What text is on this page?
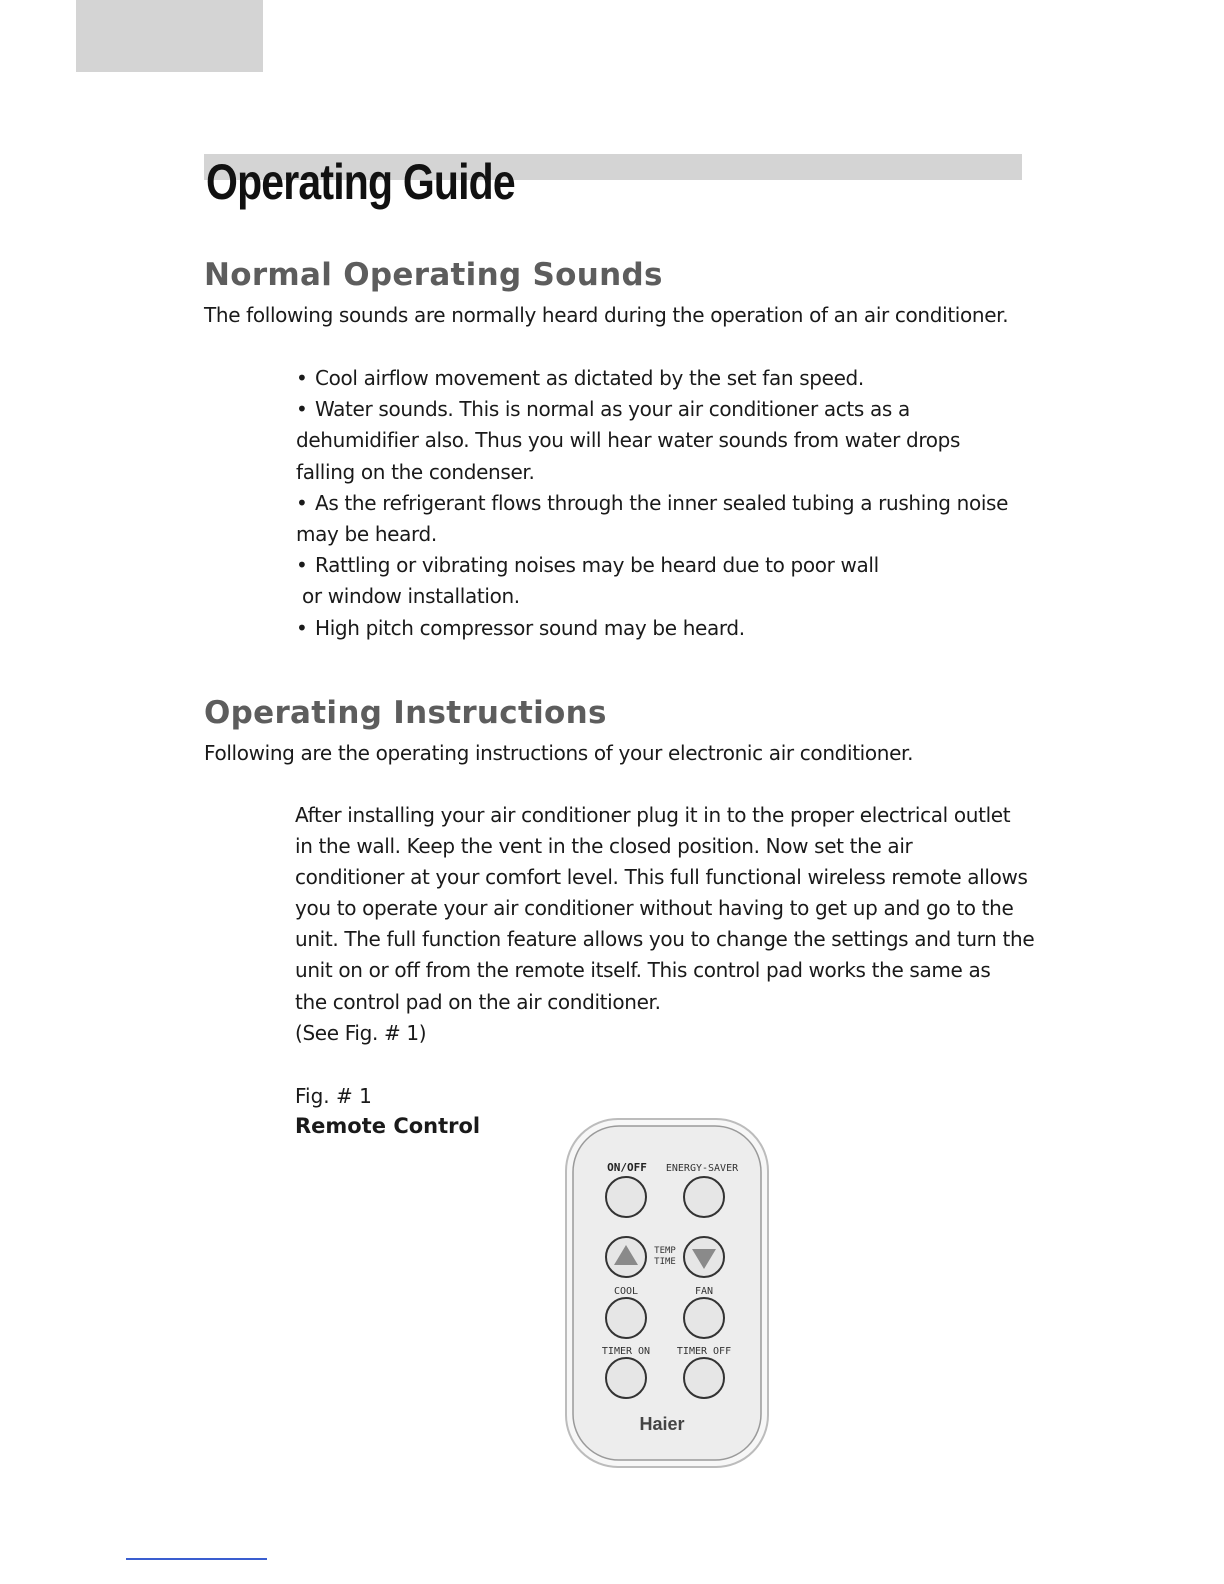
Operating Guide
Normal Operating Sounds

The following sounds are normally heard during the operation of an air conditioner.

• Cool airflow movement as dictated by the set fan speed.
• Water sounds. This is normal as your air conditioner acts as a
dehumidifier also. Thus you will hear water sounds from water drops
falling on the condenser.
• As the refrigerant flows through the inner sealed tubing a rushing noise
may be heard.
• Rattling or vibrating noises may be heard due to poor wall
or window installation.
• High pitch compressor sound may be heard.
Operating Instructions

Following are the operating instructions of your electronic air conditioner.

After installing your air conditioner plug it in to the proper electrical outlet
in the wall. Keep the vent in the closed position. Now set the air
conditioner at your comfort level. This full functional wireless remote allows
you to operate your air conditioner without having to get up and go to the
unit. The full function feature allows you to change the settings and turn the
unit on or off from the remote itself. This control pad works the same as
the control pad on the air conditioner.
(See Fig. # 1)

Fig. # 1

Remote Control

ON/OFF ENERGY-SAVER
TEMP
TIME
COOL	FAN
TIMER ON	TIMER OFF
Haier
